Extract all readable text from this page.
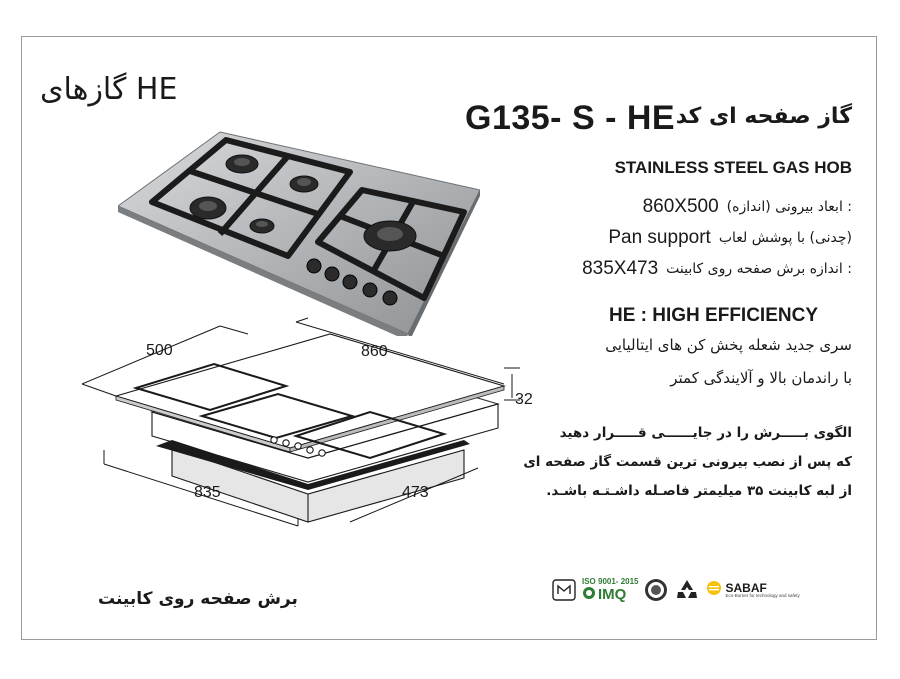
گازهای HE
گاز صفحه ای کد
G135- S - HE
STAINLESS STEEL GAS HOB
860X500 : ابعاد بیرونی (اندازه)
Pan support (چدنی) با پوشش لعاب
835X473 : اندازه برش صفحه روی کابینت
HE : HIGH EFFICIENCY
سری جدید شعله پخش کن های ایتالیایی
با راندمان بالا و آلایندگی کمتر
الگوی بـــــرش را در جایــــــی قـــــرار دهید
که پس از نصب بیرونی ترین قسمت گاز صفحه ای
از لبه کابینت ۳۵ میلیمتر فاصـله داشـتـه باشـد.
برش صفحه روی کابینت
500	860
32
835	473
ISO 9001- 2015
IMQ	SABAF
Eco-Burner for technology and safety
